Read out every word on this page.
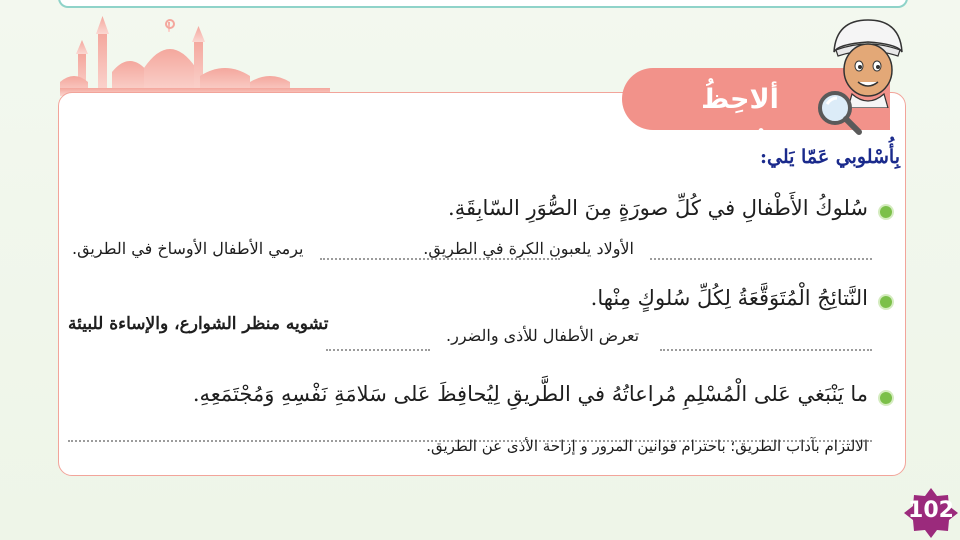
ألاحِظُ وَأُعَبِّرُ:
بِأُسْلوبي عَمّا يَلي:
سُلوكُ الأَطْفالِ في كُلِّ صورَةٍ مِنَ الصُّوَرِ السّابِقَةِ.
الأولاد يلعبون الكرة في الطريق.
يرمي الأطفال الأوساخ في الطريق.
النَّتائِجُ الْمُتَوَقَّعَةُ لِكُلِّ سُلوكٍ مِنْها.
تعرض الأطفال للأذى والضرر.
تشويه منظر الشوارع، والإساءة للبيئة
ما يَنْبَغي عَلى الْمُسْلِمِ مُراعاتُهُ في الطَّريقِ لِيُحافِظَ عَلى سَلامَةِ نَفْسِهِ وَمُجْتَمَعِهِ.
الالتزام بآداب الطريق؛ باحترام قوانين المرور و إزاحة الأذى عن الطريق.
102
